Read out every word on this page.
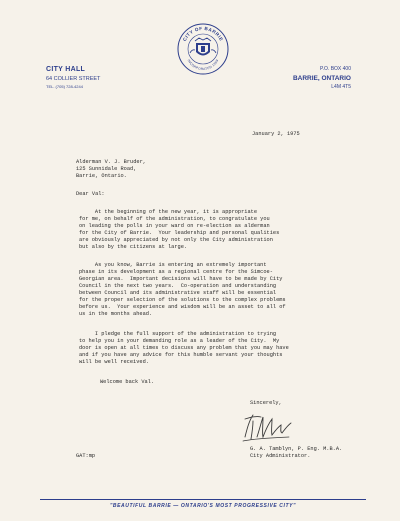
CITY HALL
64 COLLIER STREET
TEL. (705) 728-4244
CITY OF BARRIE
INCORPORATED 1959
P.O. BOX 400
BARRIE, ONTARIO
L4M 4T5
January 2, 1975
Alderman V. J. Bruder,
125 Sunnidale Road,
Barrie, Ontario.
Dear Val:
At the beginning of the new year, it is appropriate
for me, on behalf of the administration, to congratulate you
on leading the polls in your ward on re-election as alderman
for the City of Barrie.  Your leadership and personal qualities
are obviously appreciated by not only the City administration
but also by the citizens at large.
As you know, Barrie is entering an extremely important
phase in its development as a regional centre for the Simcoe-
Georgian area.  Important decisions will have to be made by City
Council in the next two years.  Co-operation and understanding
between Council and its administrative staff will be essential
for the proper selection of the solutions to the complex problems
before us.  Your experience and wisdom will be an asset to all of
us in the months ahead.
I pledge the full support of the administration to trying
to help you in your demanding role as a leader of the City.  My
door is open at all times to discuss any problem that you may have
and if you have any advice for this humble servant your thoughts
will be well received.
Welcome back Val.
Sincerely,
G. A. Tamblyn, P. Eng. M.B.A.
City Administrator.
GAT:mp
"BEAUTIFUL BARRIE — ONTARIO'S MOST PROGRESSIVE CITY"
